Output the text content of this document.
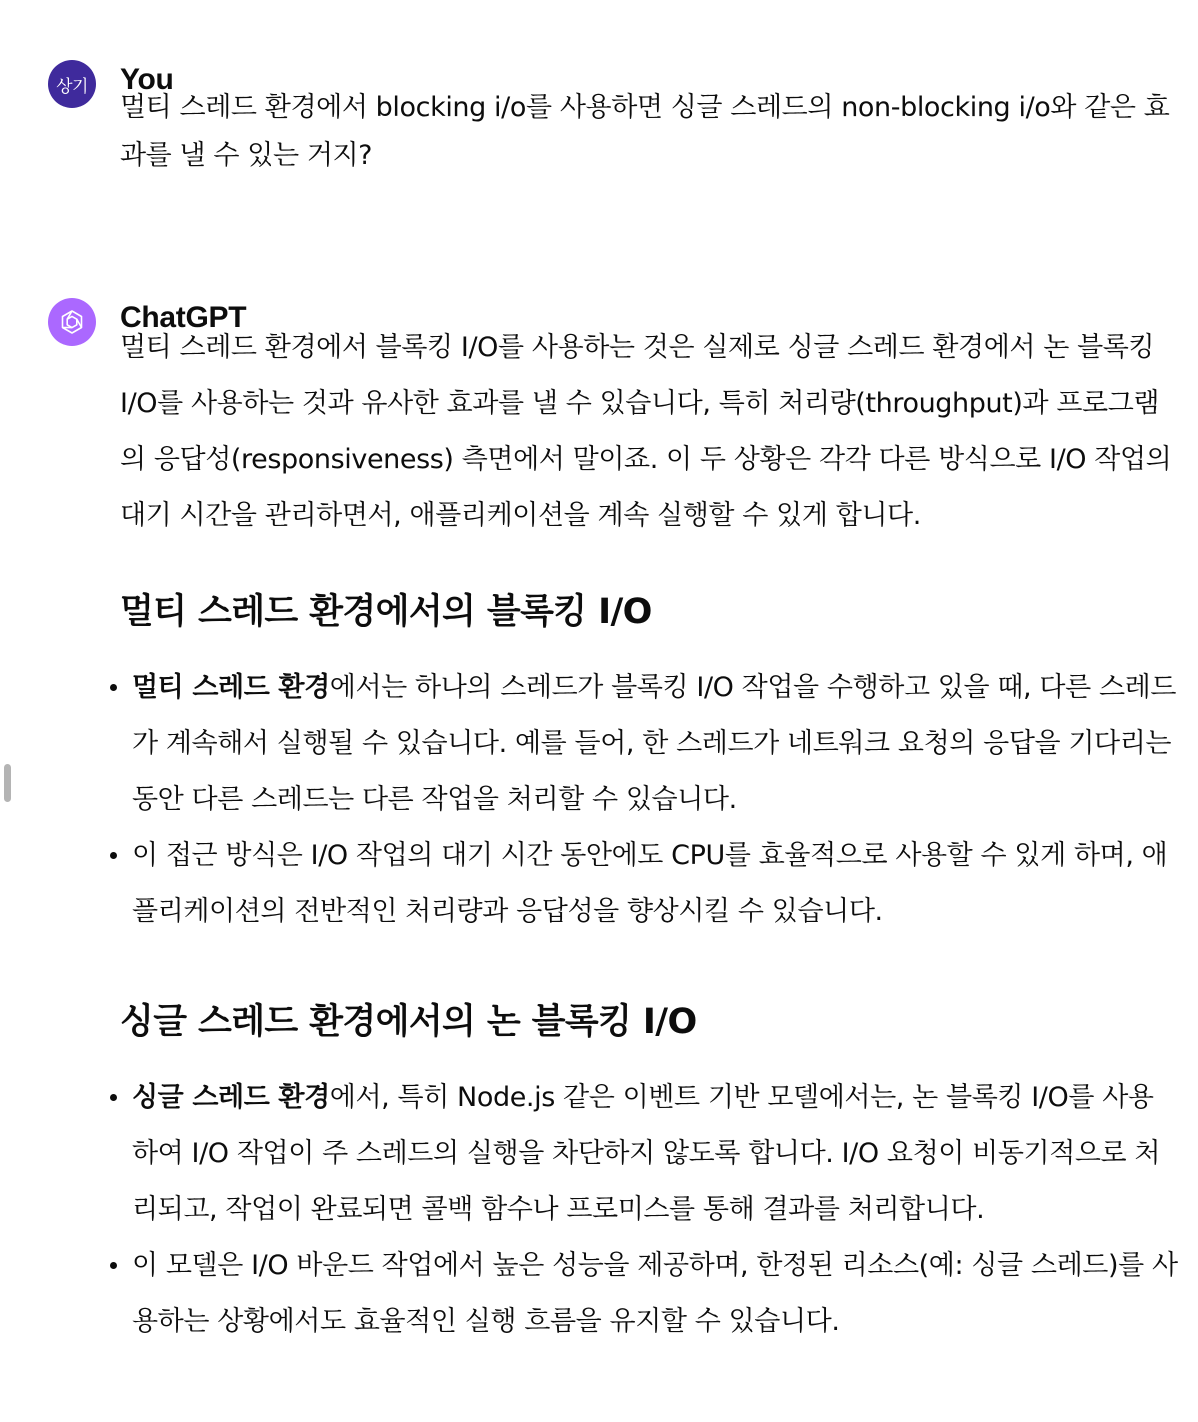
상기 You
멀티 스레드 환경에서 blocking i/o를 사용하면 싱글 스레드의 non-blocking i/o와 같은 효과를 낼 수 있는 거지?
ChatGPT

멀티 스레드 환경에서 블록킹 I/O를 사용하는 것은 실제로 싱글 스레드 환경에서 논 블록킹 I/O를 사용하는 것과 유사한 효과를 낼 수 있습니다, 특히 처리량(throughput)과 프로그램의 응답성(responsiveness) 측면에서 말이죠. 이 두 상황은 각각 다른 방식으로 I/O 작업의 대기 시간을 관리하면서, 애플리케이션을 계속 실행할 수 있게 합니다.

멀티 스레드 환경에서의 블록킹 I/O
멀티 스레드 환경에서는 하나의 스레드가 블록킹 I/O 작업을 수행하고 있을 때, 다른 스레드가 계속해서 실행될 수 있습니다. 예를 들어, 한 스레드가 네트워크 요청의 응답을 기다리는 동안 다른 스레드는 다른 작업을 처리할 수 있습니다.
이 접근 방식은 I/O 작업의 대기 시간 동안에도 CPU를 효율적으로 사용할 수 있게 하며, 애플리케이션의 전반적인 처리량과 응답성을 향상시킬 수 있습니다.
싱글 스레드 환경에서의 논 블록킹 I/O
싱글 스레드 환경에서, 특히 Node.js 같은 이벤트 기반 모델에서는, 논 블록킹 I/O를 사용하여 I/O 작업이 주 스레드의 실행을 차단하지 않도록 합니다. I/O 요청이 비동기적으로 처리되고, 작업이 완료되면 콜백 함수나 프로미스를 통해 결과를 처리합니다.
이 모델은 I/O 바운드 작업에서 높은 성능을 제공하며, 한정된 리소스(예: 싱글 스레드)를 사용하는 상황에서도 효율적인 실행 흐름을 유지할 수 있습니다.
